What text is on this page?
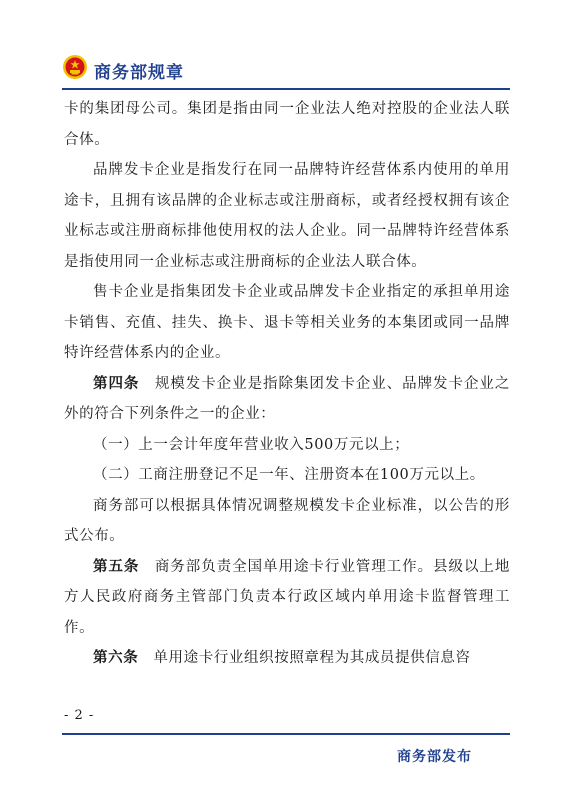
商务部规章

卡的集团母公司。集团是指由同一企业法人绝对控股的企业法人联合体。

品牌发卡企业是指发行在同一品牌特许经营体系内使用的单用途卡，且拥有该品牌的企业标志或注册商标，或者经授权拥有该企业标志或注册商标排他使用权的法人企业。同一品牌特许经营体系是指使用同一企业标志或注册商标的企业法人联合体。

售卡企业是指集团发卡企业或品牌发卡企业指定的承担单用途卡销售、充值、挂失、换卡、退卡等相关业务的本集团或同一品牌特许经营体系内的企业。

第四条  规模发卡企业是指除集团发卡企业、品牌发卡企业之外的符合下列条件之一的企业：

（一）上一会计年度年营业收入500万元以上；

（二）工商注册登记不足一年、注册资本在100万元以上。

商务部可以根据具体情况调整规模发卡企业标准，以公告的形式公布。

第五条  商务部负责全国单用途卡行业管理工作。县级以上地方人民政府商务主管部门负责本行政区域内单用途卡监督管理工作。

第六条  单用途卡行业组织按照章程为其成员提供信息咨

- 2 -
商务部发布
